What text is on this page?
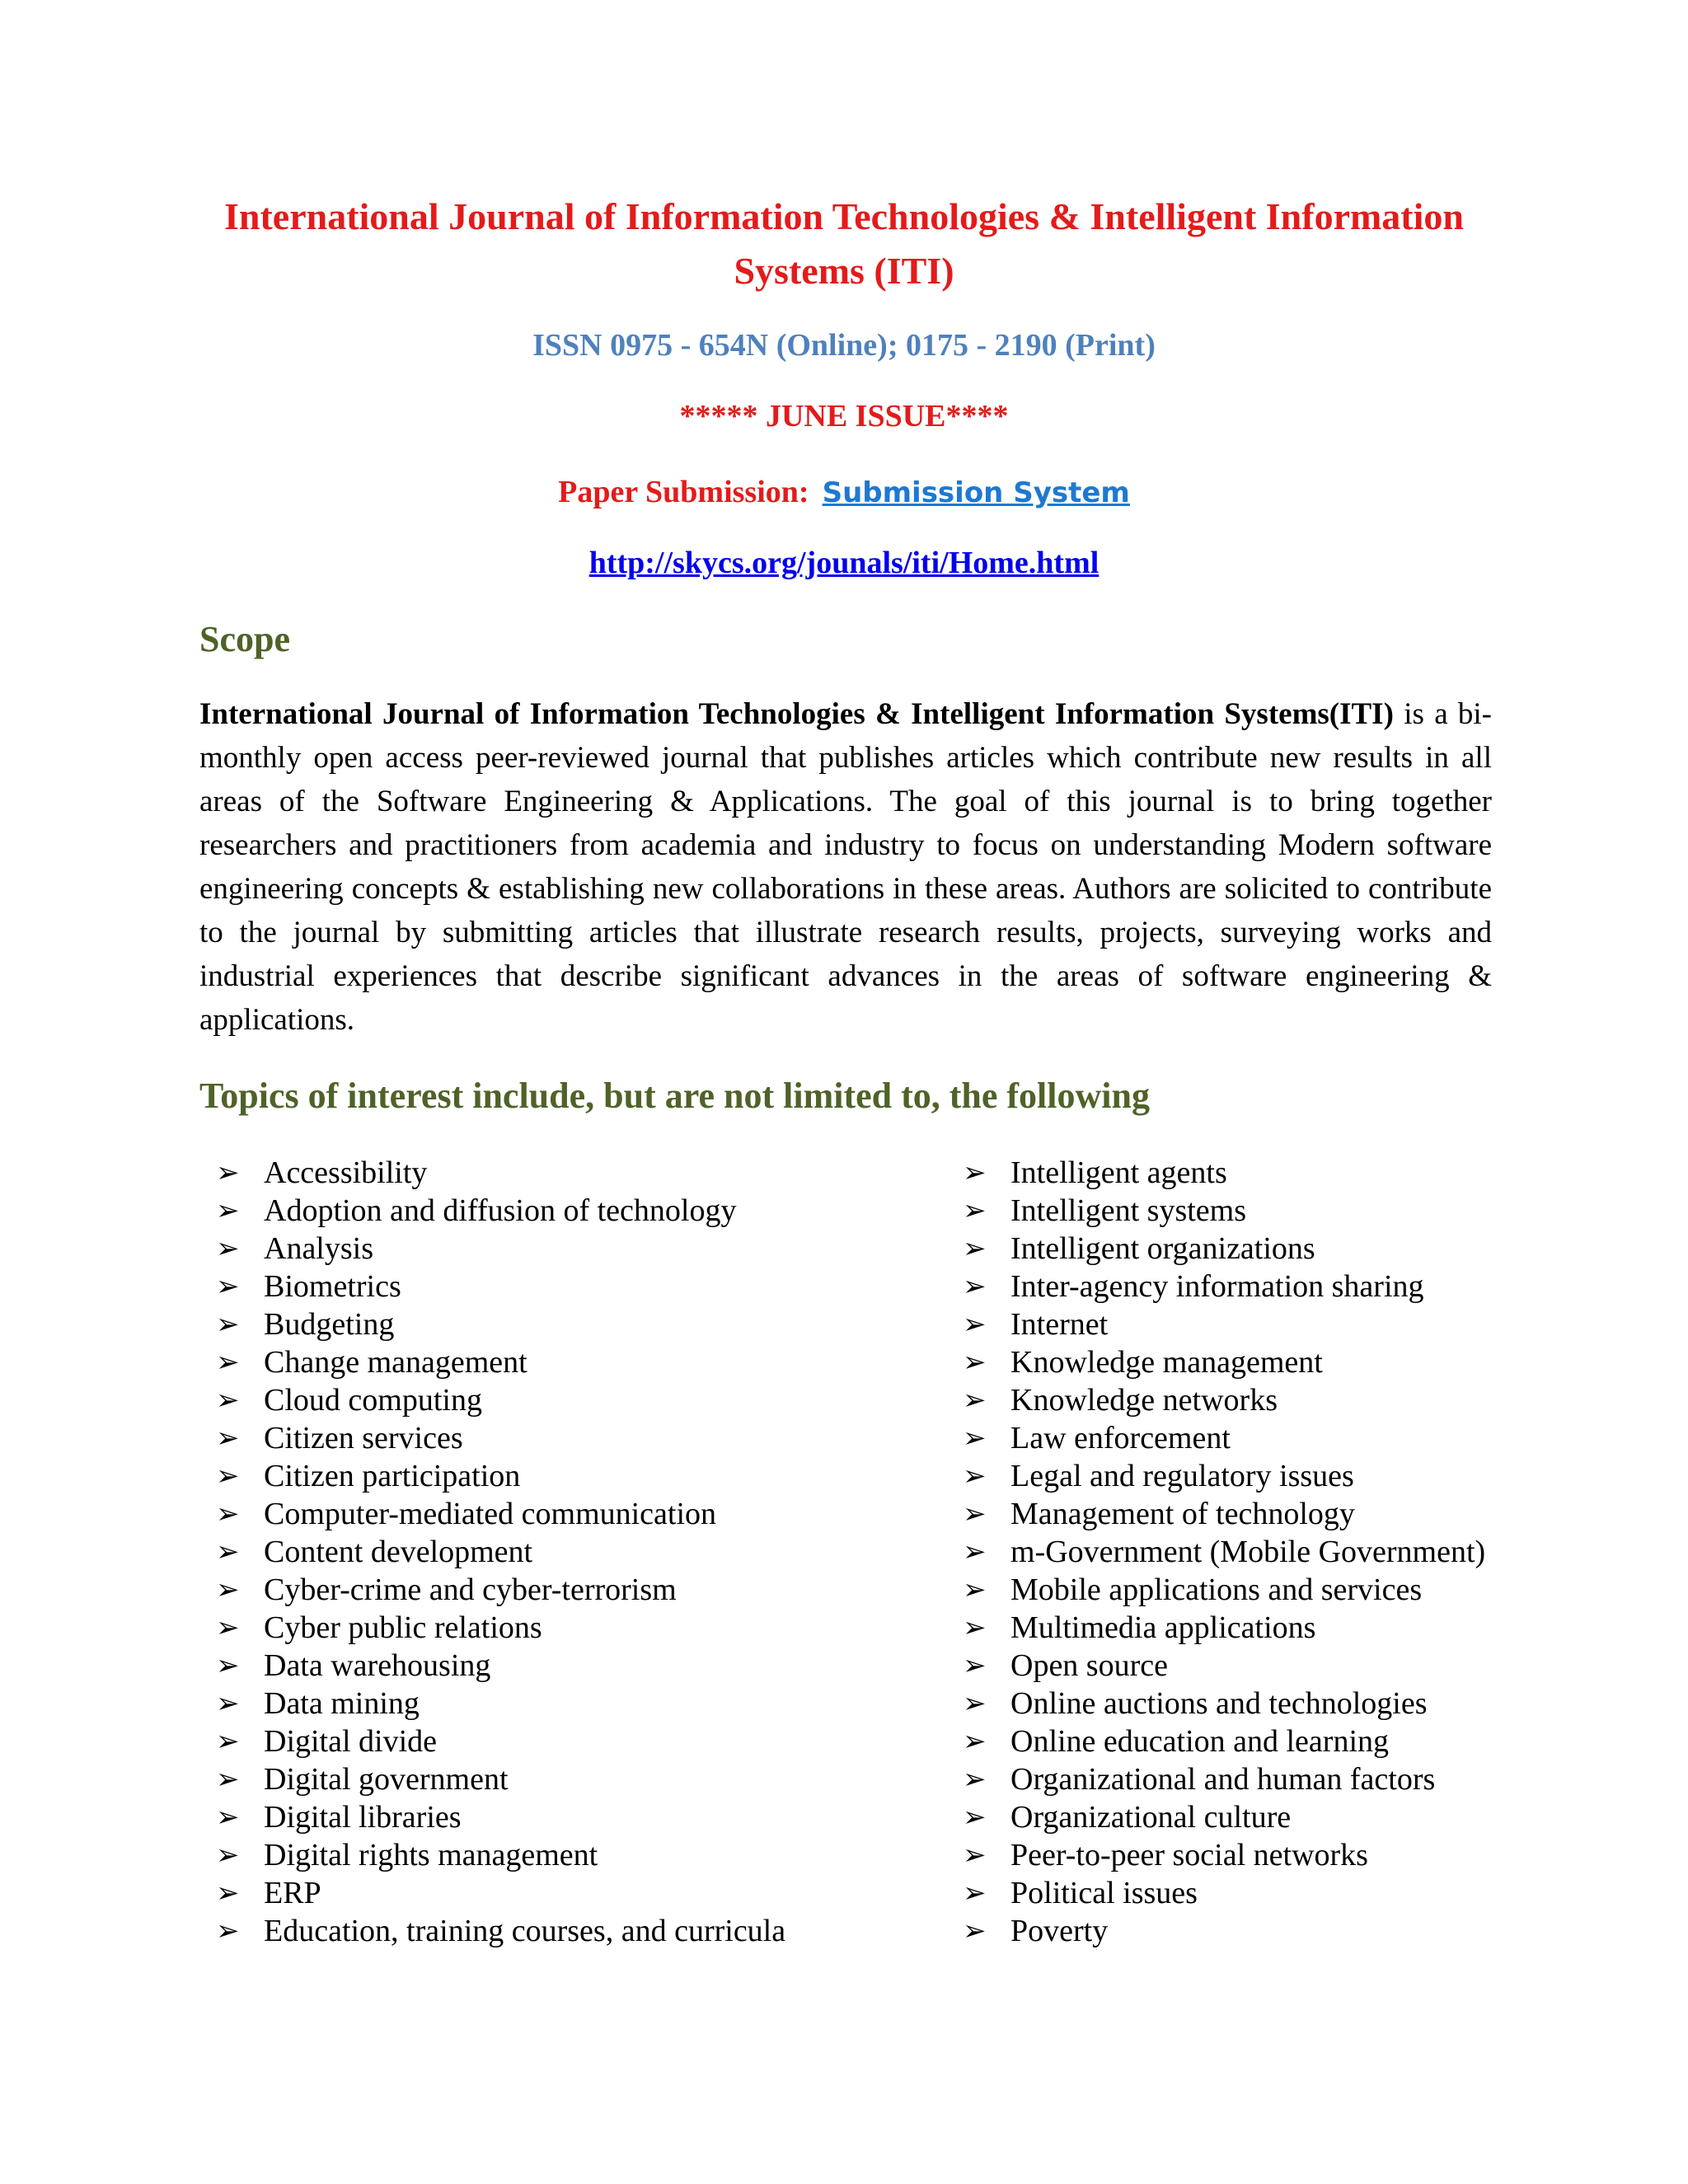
International Journal of Information Technologies & Intelligent Information Systems (ITI)
ISSN 0975 - 654N (Online); 0175 - 2190 (Print)
***** JUNE ISSUE****
Paper Submission: Submission System
http://skycs.org/jounals/iti/Home.html
Scope
International Journal of Information Technologies & Intelligent Information Systems(ITI) is a bi-monthly open access peer-reviewed journal that publishes articles which contribute new results in all areas of the Software Engineering & Applications. The goal of this journal is to bring together researchers and practitioners from academia and industry to focus on understanding Modern software engineering concepts & establishing new collaborations in these areas. Authors are solicited to contribute to the journal by submitting articles that illustrate research results, projects, surveying works and industrial experiences that describe significant advances in the areas of software engineering & applications.
Topics of interest include, but are not limited to, the following
➢ Accessibility
➢ Adoption and diffusion of technology
➢ Analysis
➢ Biometrics
➢ Budgeting
➢ Change management
➢ Cloud computing
➢ Citizen services
➢ Citizen participation
➢ Computer-mediated communication
➢ Content development
➢ Cyber-crime and cyber-terrorism
➢ Cyber public relations
➢ Data warehousing
➢ Data mining
➢ Digital divide
➢ Digital government
➢ Digital libraries
➢ Digital rights management
➢ ERP
➢ Education, training courses, and curricula
➢ Intelligent agents
➢ Intelligent systems
➢ Intelligent organizations
➢ Inter-agency information sharing
➢ Internet
➢ Knowledge management
➢ Knowledge networks
➢ Law enforcement
➢ Legal and regulatory issues
➢ Management of technology
➢ m-Government (Mobile Government)
➢ Mobile applications and services
➢ Multimedia applications
➢ Open source
➢ Online auctions and technologies
➢ Online education and learning
➢ Organizational and human factors
➢ Organizational culture
➢ Peer-to-peer social networks
➢ Political issues
➢ Poverty
